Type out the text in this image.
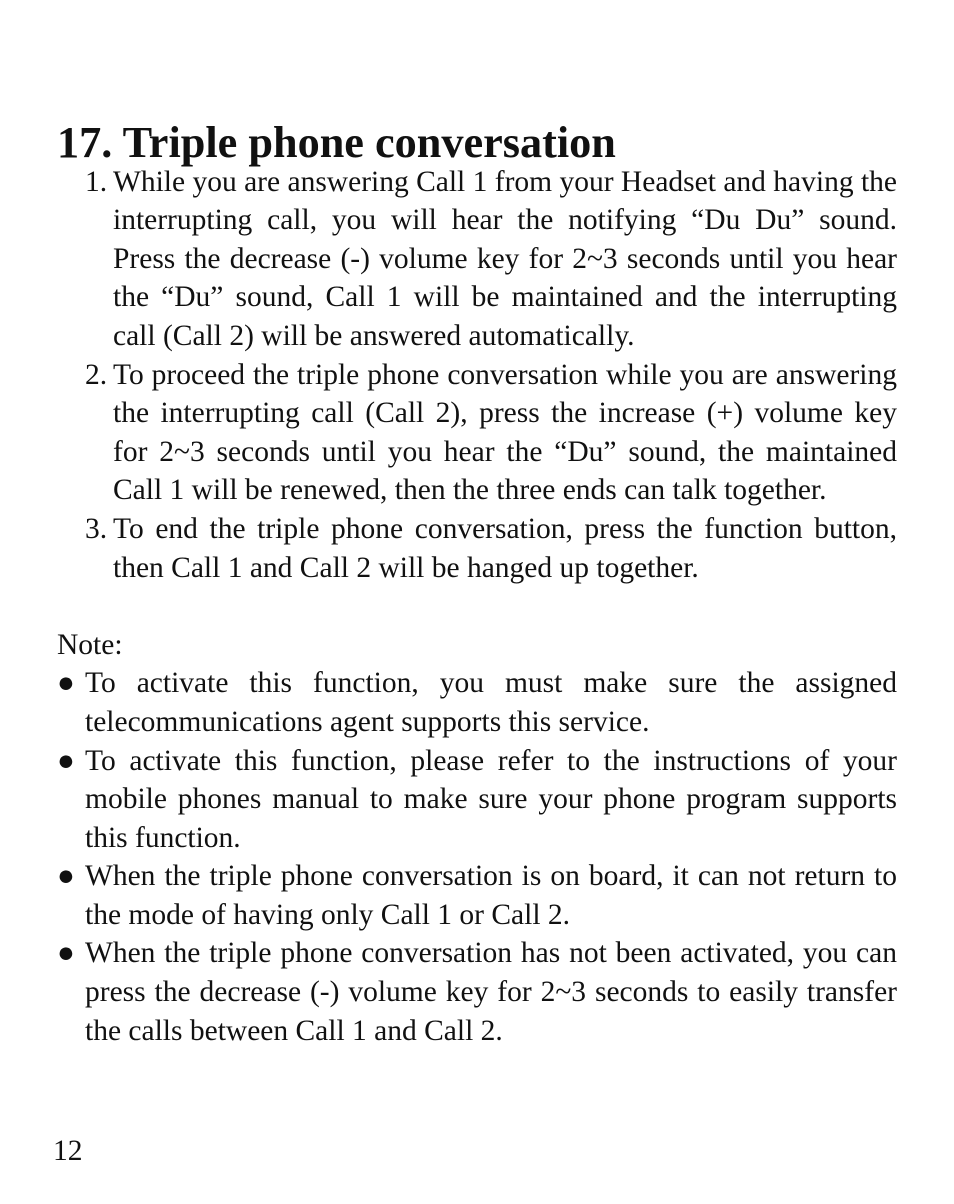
17. Triple phone conversation
1. While you are answering Call 1 from your Headset and having the interrupting call, you will hear the notifying “Du Du” sound. Press the decrease (-) volume key for 2~3 seconds until you hear the “Du” sound, Call 1 will be maintained and the interrupting call (Call 2) will be answered automatically.
2. To proceed the triple phone conversation while you are answering the interrupting call (Call 2), press the increase (+) volume key for 2~3 seconds until you hear the “Du” sound, the maintained Call 1 will be renewed, then the three ends can talk together.
3. To end the triple phone conversation, press the function button, then Call 1 and Call 2 will be hanged up together.
Note:
● To activate this function, you must make sure the assigned telecommunications agent supports this service.
● To activate this function, please refer to the instructions of your mobile phones manual to make sure your phone program supports this function.
● When the triple phone conversation is on board, it can not return to the mode of having only Call 1 or Call 2.
● When the triple phone conversation has not been activated, you can press the decrease (-) volume key for 2~3 seconds to easily transfer the calls between Call 1 and Call 2.
12
